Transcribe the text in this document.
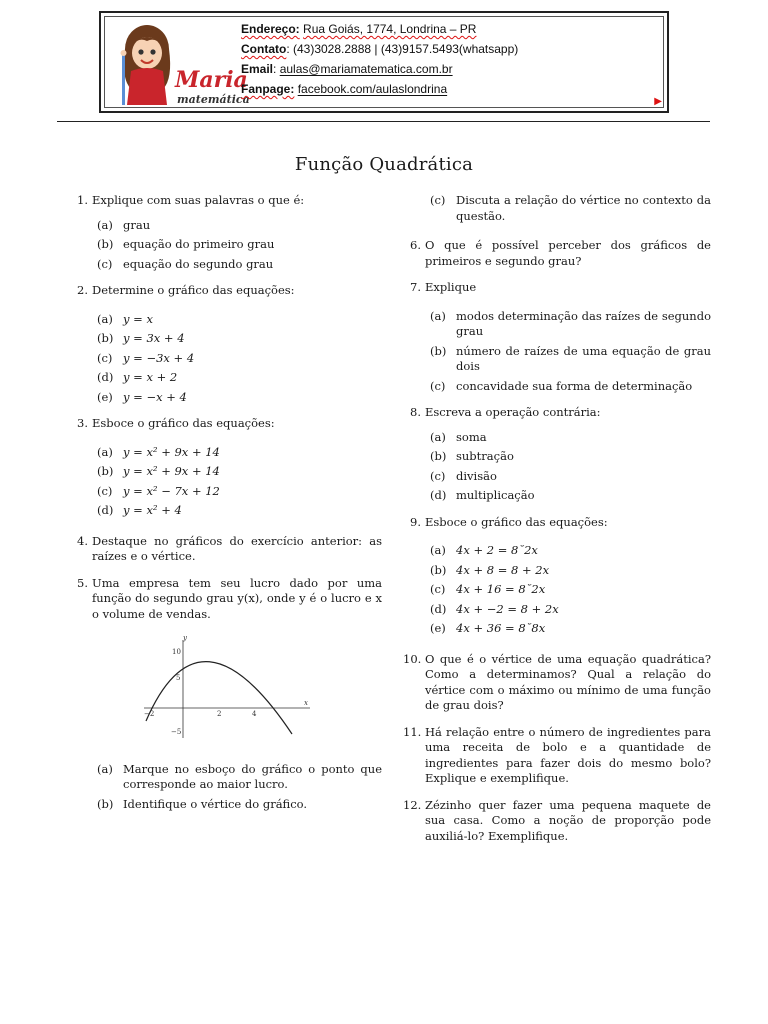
Maria
matemática
Endereço: Rua Goiás, 1774, Londrina – PR
Contato: (43)3028.2888 | (43)9157.5493(whatsapp)
Email: aulas@mariamatematica.com.br
Fanpage: facebook.com/aulaslondrina
▶
Função Quadrática
1. Explique com suas palavras o que é:
(a) grau
(b) equação do primeiro grau
(c) equação do segundo grau
2. Determine o gráfico das equações:
(a) y = x
(b) y = 3x + 4
(c) y = −3x + 4
(d) y = x + 2
(e) y = −x + 4
3. Esboce o gráfico das equações:
(a) y = x² + 9x + 14
(b) y = x² + 9x + 14
(c) y = x² − 7x + 12
(d) y = x² + 4
4. Destaque no gráficos do exercício anterior: as raízes e o vértice.
5. Uma empresa tem seu lucro dado por uma função do segundo grau y(x), onde y é o lucro e x o volume de vendas.
y
x
10
5
−5
−2	2	4
(a) Marque no esboço do gráfico o ponto que corresponde ao maior lucro.
(b) Identifique o vértice do gráfico.
(c) Discuta a relação do vértice no contexto da questão.
6. O que é possível perceber dos gráficos de primeiros e segundo grau?
7. Explique
(a) modos determinação das raízes de segundo grau
(b) número de raízes de uma equação de grau dois
(c) concavidade sua forma de determinação
8. Escreva a operação contrária:
(a) soma
(b) subtração
(c) divisão
(d) multiplicação
9. Esboce o gráfico das equações:
(a) 4x + 2 = 8˘2x
(b) 4x + 8 = 8 + 2x
(c) 4x + 16 = 8˘2x
(d) 4x + −2 = 8 + 2x
(e) 4x + 36 = 8˘8x
10. O que é o vértice de uma equação quadrática? Como a determinamos? Qual a relação do vértice com o máximo ou mínimo de uma função de grau dois?
11. Há relação entre o número de ingredientes para uma receita de bolo e a quantidade de ingredientes para fazer dois do mesmo bolo? Explique e exemplifique.
12. Zézinho quer fazer uma pequena maquete de sua casa. Como a noção de proporção pode auxiliá-lo? Exemplifique.
